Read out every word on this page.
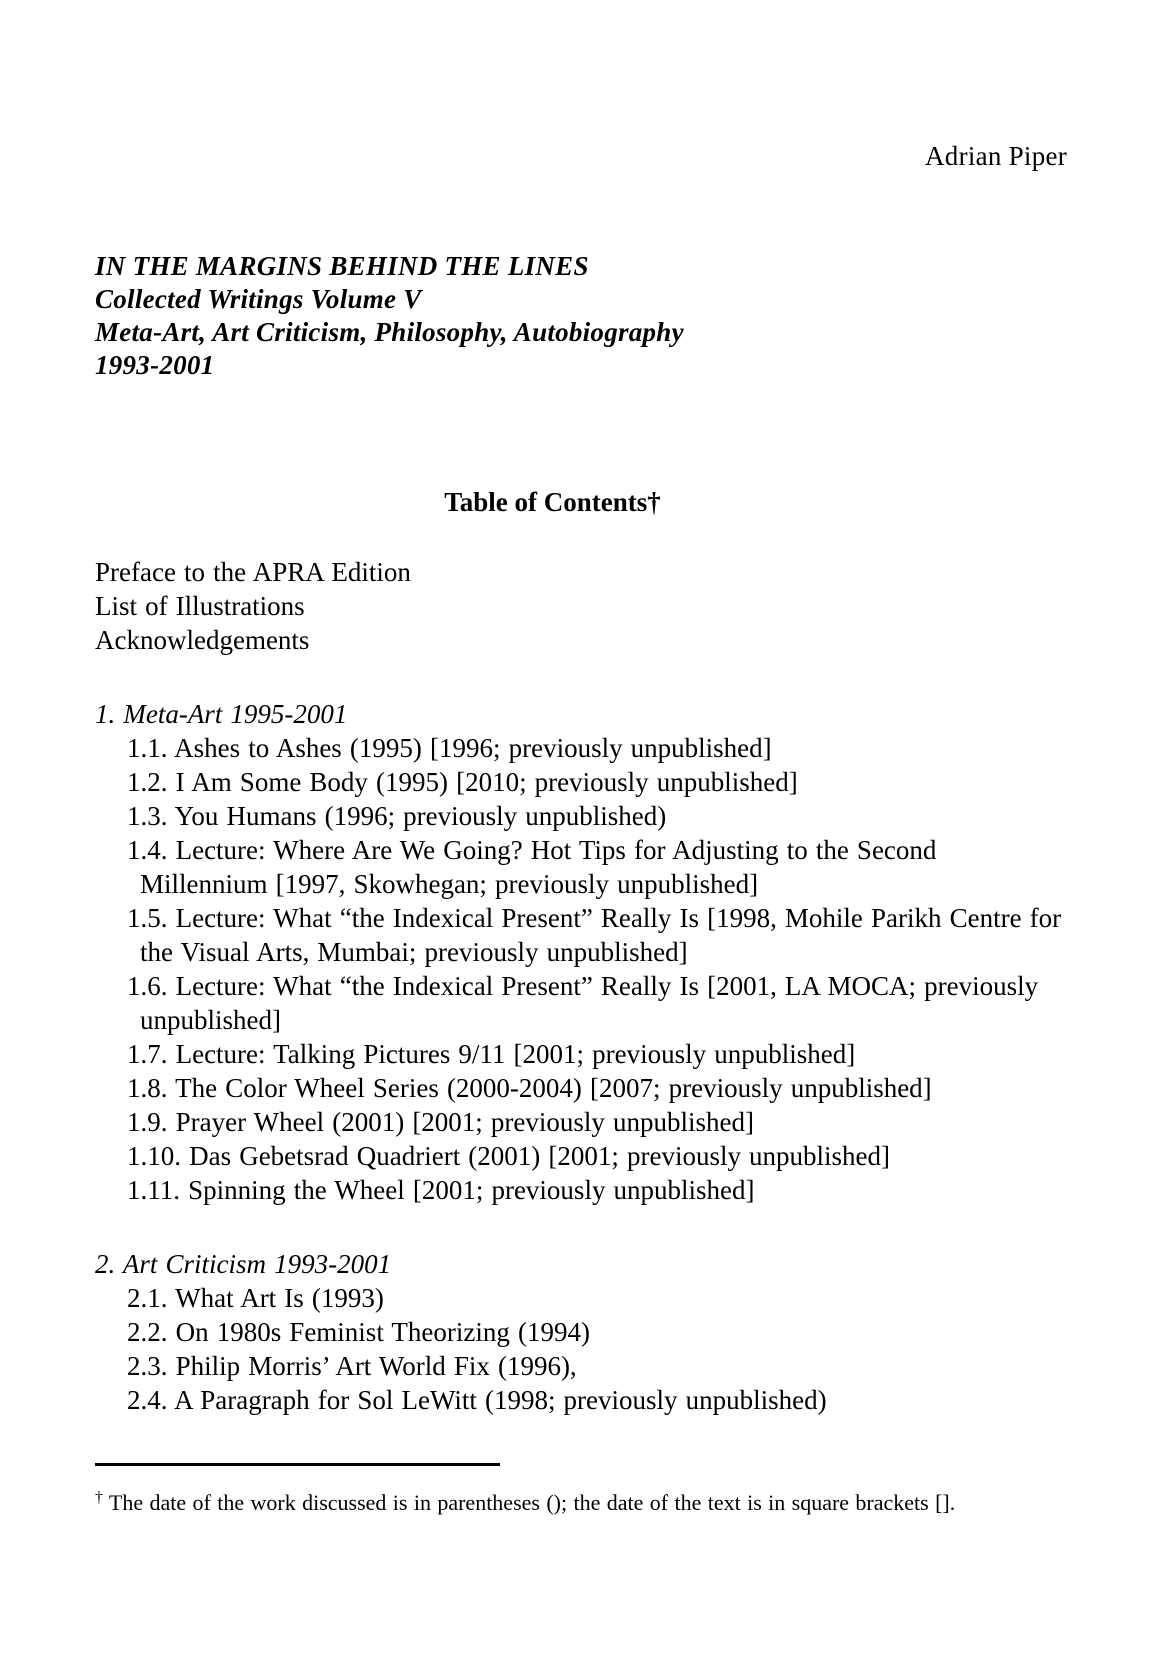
Adrian Piper
IN THE MARGINS BEHIND THE LINES
Collected Writings Volume V
Meta-Art, Art Criticism, Philosophy, Autobiography
1993-2001
Table of Contents†
Preface to the APRA Edition
List of Illustrations
Acknowledgements
1. Meta-Art 1995-2001
1.1. Ashes to Ashes (1995) [1996; previously unpublished]
1.2. I Am Some Body (1995) [2010; previously unpublished]
1.3. You Humans (1996; previously unpublished)
1.4. Lecture: Where Are We Going? Hot Tips for Adjusting to the Second Millennium [1997, Skowhegan; previously unpublished]
1.5. Lecture: What “the Indexical Present” Really Is [1998, Mohile Parikh Centre for the Visual Arts, Mumbai; previously unpublished]
1.6. Lecture: What “the Indexical Present” Really Is [2001, LA MOCA; previously unpublished]
1.7. Lecture: Talking Pictures 9/11 [2001; previously unpublished]
1.8. The Color Wheel Series (2000-2004) [2007; previously unpublished]
1.9. Prayer Wheel (2001) [2001; previously unpublished]
1.10. Das Gebetsrad Quadriert (2001) [2001; previously unpublished]
1.11. Spinning the Wheel [2001; previously unpublished]
2. Art Criticism 1993-2001
2.1. What Art Is (1993)
2.2. On 1980s Feminist Theorizing (1994)
2.3. Philip Morris’ Art World Fix (1996),
2.4. A Paragraph for Sol LeWitt (1998; previously unpublished)
† The date of the work discussed is in parentheses (); the date of the text is in square brackets [].
